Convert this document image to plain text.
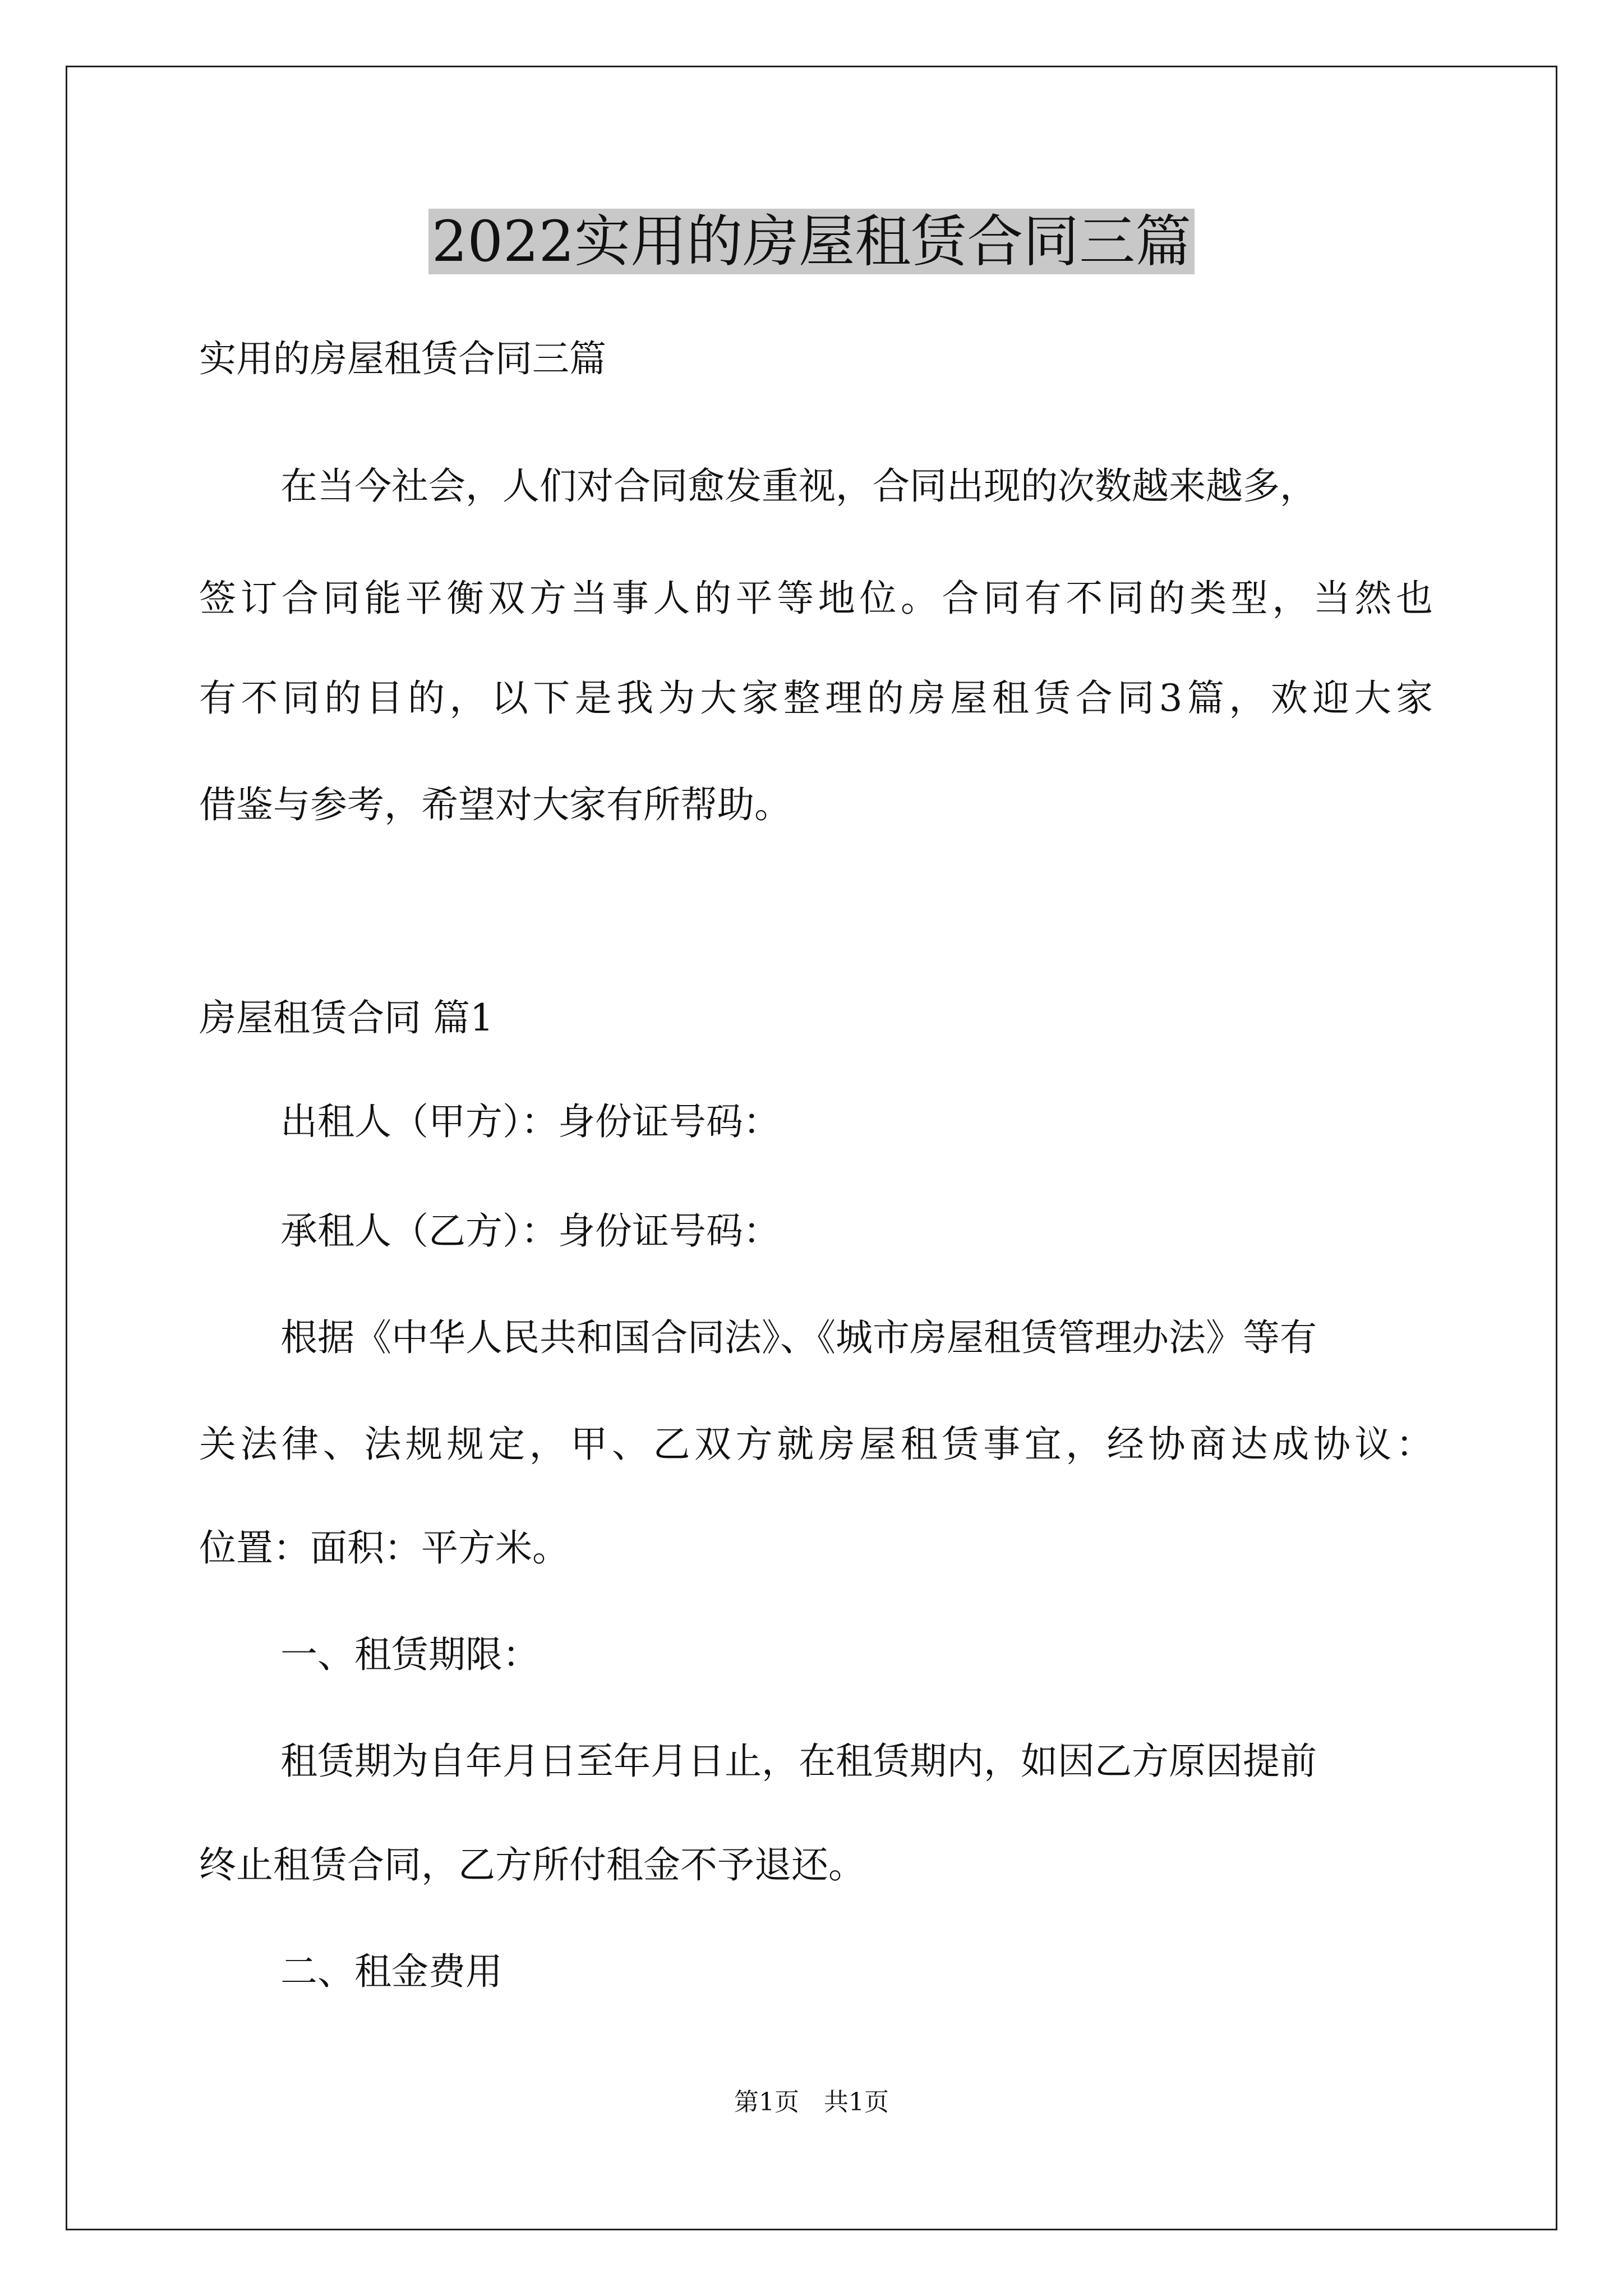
2022实用的房屋租赁合同三篇

实用的房屋租赁合同三篇

在当今社会，人们对合同愈发重视，合同出现的次数越来越多，

签订合同能平衡双方当事人的平等地位。合同有不同的类型，当然也

有不同的目的，以下是我为大家整理的房屋租赁合同3篇，欢迎大家

借鉴与参考，希望对大家有所帮助。

房屋租赁合同 篇1

出租人（甲方）：身份证号码：

承租人（乙方）：身份证号码：

根据《中华人民共和国合同法》、《城市房屋租赁管理办法》等有

关法律、法规规定，甲、乙双方就房屋租赁事宜，经协商达成协议：

位置：面积：平方米。

一、租赁期限：

租赁期为自年月日至年月日止，在租赁期内，如因乙方原因提前

终止租赁合同，乙方所付租金不予退还。

二、租金费用

第1页 共1页
